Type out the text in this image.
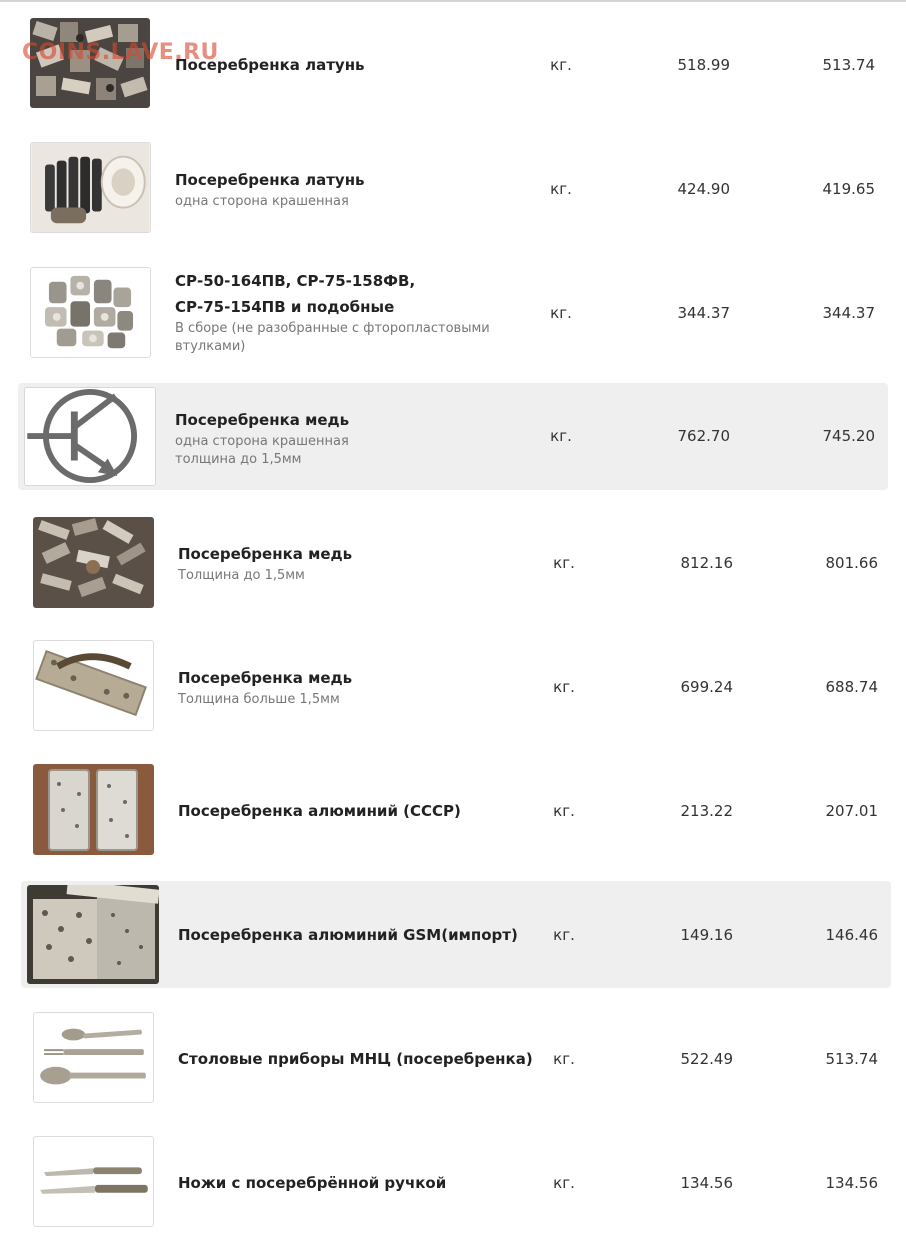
COINS.LAVE.RU
Посеребренка латунь	кг.	518.99	513.74
Посеребренка латунь
одна сторона крашенная
кг.	424.90	419.65
СР-50-164ПВ, СР-75-158ФВ,
СР-75-154ПВ и подобные
В сборе (не разобранные с фторопластовыми втулками)
кг.	344.37	344.37
Посеребренка медь
одна сторона крашенная
толщина до 1,5мм
кг.	762.70	745.20
Посеребренка медь
Толщина до 1,5мм
кг.	812.16	801.66
Посеребренка медь
Толщина больше 1,5мм
кг.	699.24	688.74
Посеребренка алюминий (СССР)	кг.	213.22	207.01
Посеребренка алюминий GSM(импорт)	кг.	149.16	146.46
Столовые приборы МНЦ (посеребренка)	кг.	522.49	513.74
Ножи с посеребрённой ручкой	кг.	134.56	134.56
